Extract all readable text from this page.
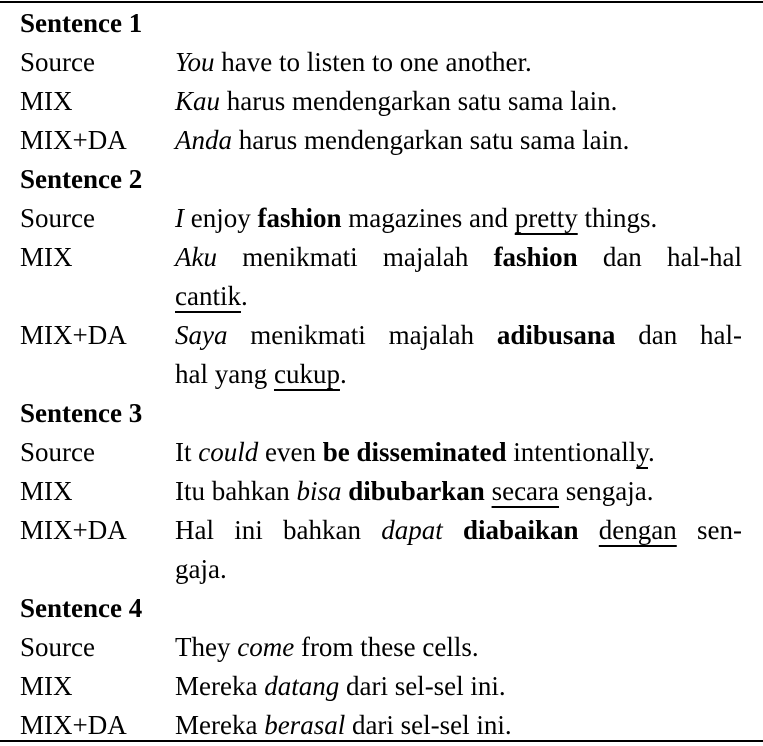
Sentence 1
Source	You have to listen to one another.
MIX	Kau harus mendengarkan satu sama lain.
MIX+DA	Anda harus mendengarkan satu sama lain.
Sentence 2
Source	I enjoy fashion magazines and pretty things.
MIX	Aku menikmati majalah fashion dan hal-hal
cantik.
MIX+DA	Saya menikmati majalah adibusana dan hal-
hal yang cukup.
Sentence 3
Source	It could even be disseminated intentionally.
MIX	Itu bahkan bisa dibubarkan secara sengaja.
MIX+DA	Hal ini bahkan dapat diabaikan dengan sen-
gaja.
Sentence 4
Source	They come from these cells.
MIX	Mereka datang dari sel-sel ini.
MIX+DA	Mereka berasal dari sel-sel ini.
